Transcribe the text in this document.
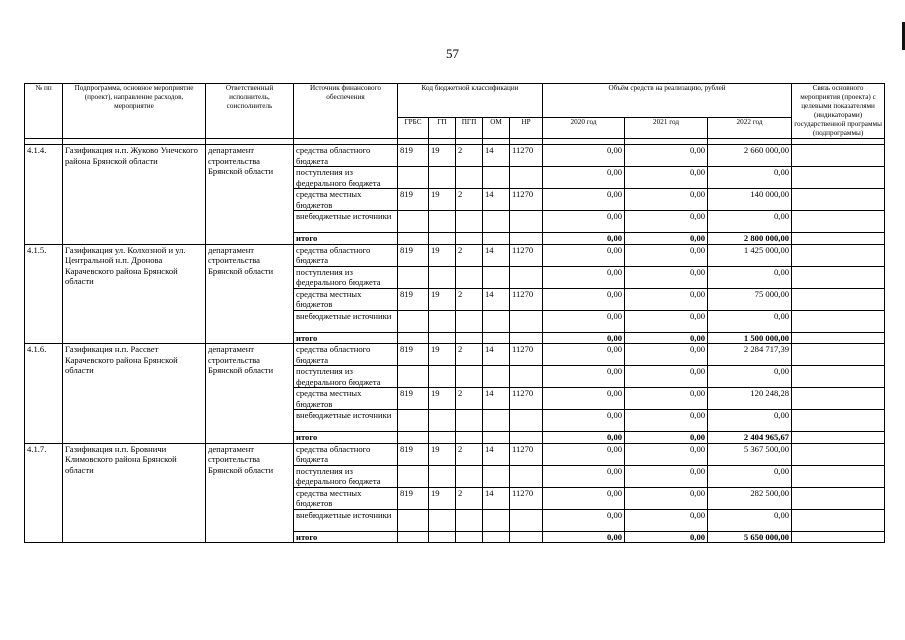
57
№ пп	Подпрограмма, основное мероприятие (проект), направление расходов, мероприятие	Ответственный исполнитель, соисполнитель	Источник финансового обеспечения	Код бюджетной классификации					Объём средств на реализацию, рублей			Связь основного мероприятия (проекта) с целевыми показателями (индикаторами) государственной программы (подпрограммы)
				ГРБС	ГП	ПГП	ОМ	НР	2020 год	2021 год	2022 год	

4.1.4.	Газификация н.п. Жуково Унечского района Брянской области	департамент строительства Брянской области	средства областного бюджета	819	19	2	14	11270	0,00	0,00	2 660 000,00	
			поступления из федерального бюджета						0,00	0,00	0,00	
			средства местных бюджетов	819	19	2	14	11270	0,00	0,00	140 000,00	
			внебюджетные источники						0,00	0,00	0,00	
			итого						0,00	0,00	2 800 000,00	
4.1.5.	Газификация ул. Колхозной и ул. Центральной н.п. Дронова Карачевского района Брянской области	департамент строительства Брянской области	средства областного бюджета	819	19	2	14	11270	0,00	0,00	1 425 000,00	
			поступления из федерального бюджета						0,00	0,00	0,00	
			средства местных бюджетов	819	19	2	14	11270	0,00	0,00	75 000,00	
			внебюджетные источники						0,00	0,00	0,00	
			итого						0,00	0,00	1 500 000,00	
4.1.6.	Газификация н.п. Рассвет Карачевского района Брянской области	департамент строительства Брянской области	средства областного бюджета	819	19	2	14	11270	0,00	0,00	2 284 717,39	
			поступления из федерального бюджета						0,00	0,00	0,00	
			средства местных бюджетов	819	19	2	14	11270	0,00	0,00	120 248,28	
			внебюджетные источники						0,00	0,00	0,00	
			итого						0,00	0,00	2 404 965,67	
4.1.7.	Газификация н.п. Бровничи Климовского района Брянской области	департамент строительства Брянской области	средства областного бюджета	819	19	2	14	11270	0,00	0,00	5 367 500,00	
			поступления из федерального бюджета						0,00	0,00	0,00	
			средства местных бюджетов	819	19	2	14	11270	0,00	0,00	282 500,00	
			внебюджетные источники						0,00	0,00	0,00	
			итого						0,00	0,00	5 650 000,00	
